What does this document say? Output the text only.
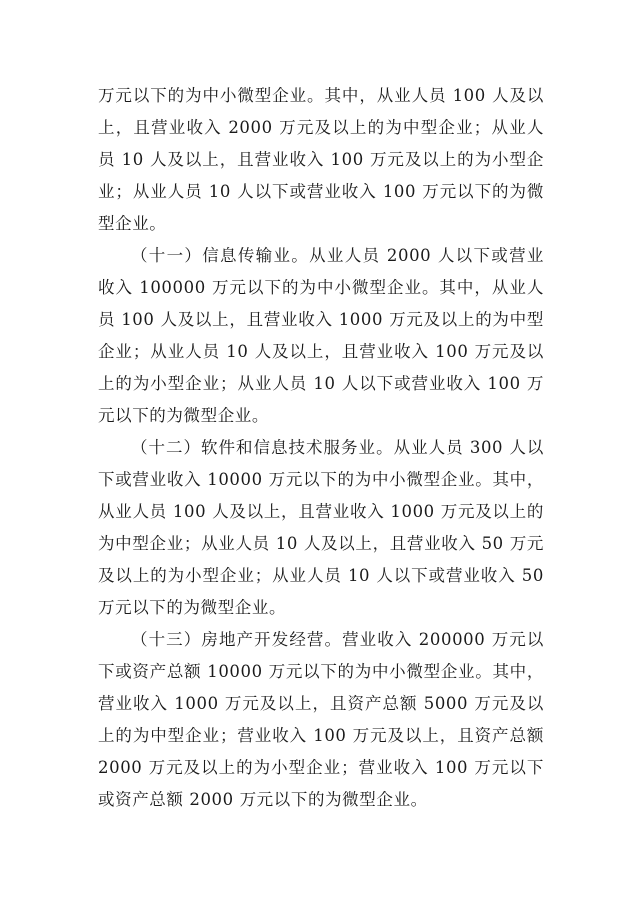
万元以下的为中小微型企业。其中，从业人员 100 人及以上，且营业收入 2000 万元及以上的为中型企业；从业人员 10 人及以上，且营业收入 100 万元及以上的为小型企业；从业人员 10 人以下或营业收入 100 万元以下的为微型企业。

（十一）信息传输业。从业人员 2000 人以下或营业收入 100000 万元以下的为中小微型企业。其中，从业人员 100 人及以上，且营业收入 1000 万元及以上的为中型企业；从业人员 10 人及以上，且营业收入 100 万元及以上的为小型企业；从业人员 10 人以下或营业收入 100 万元以下的为微型企业。

（十二）软件和信息技术服务业。从业人员 300 人以下或营业收入 10000 万元以下的为中小微型企业。其中，从业人员 100 人及以上，且营业收入 1000 万元及以上的为中型企业；从业人员 10 人及以上，且营业收入 50 万元及以上的为小型企业；从业人员 10 人以下或营业收入 50 万元以下的为微型企业。

（十三）房地产开发经营。营业收入 200000 万元以下或资产总额 10000 万元以下的为中小微型企业。其中，营业收入 1000 万元及以上，且资产总额 5000 万元及以上的为中型企业；营业收入 100 万元及以上，且资产总额 2000 万元及以上的为小型企业；营业收入 100 万元以下或资产总额 2000 万元以下的为微型企业。
